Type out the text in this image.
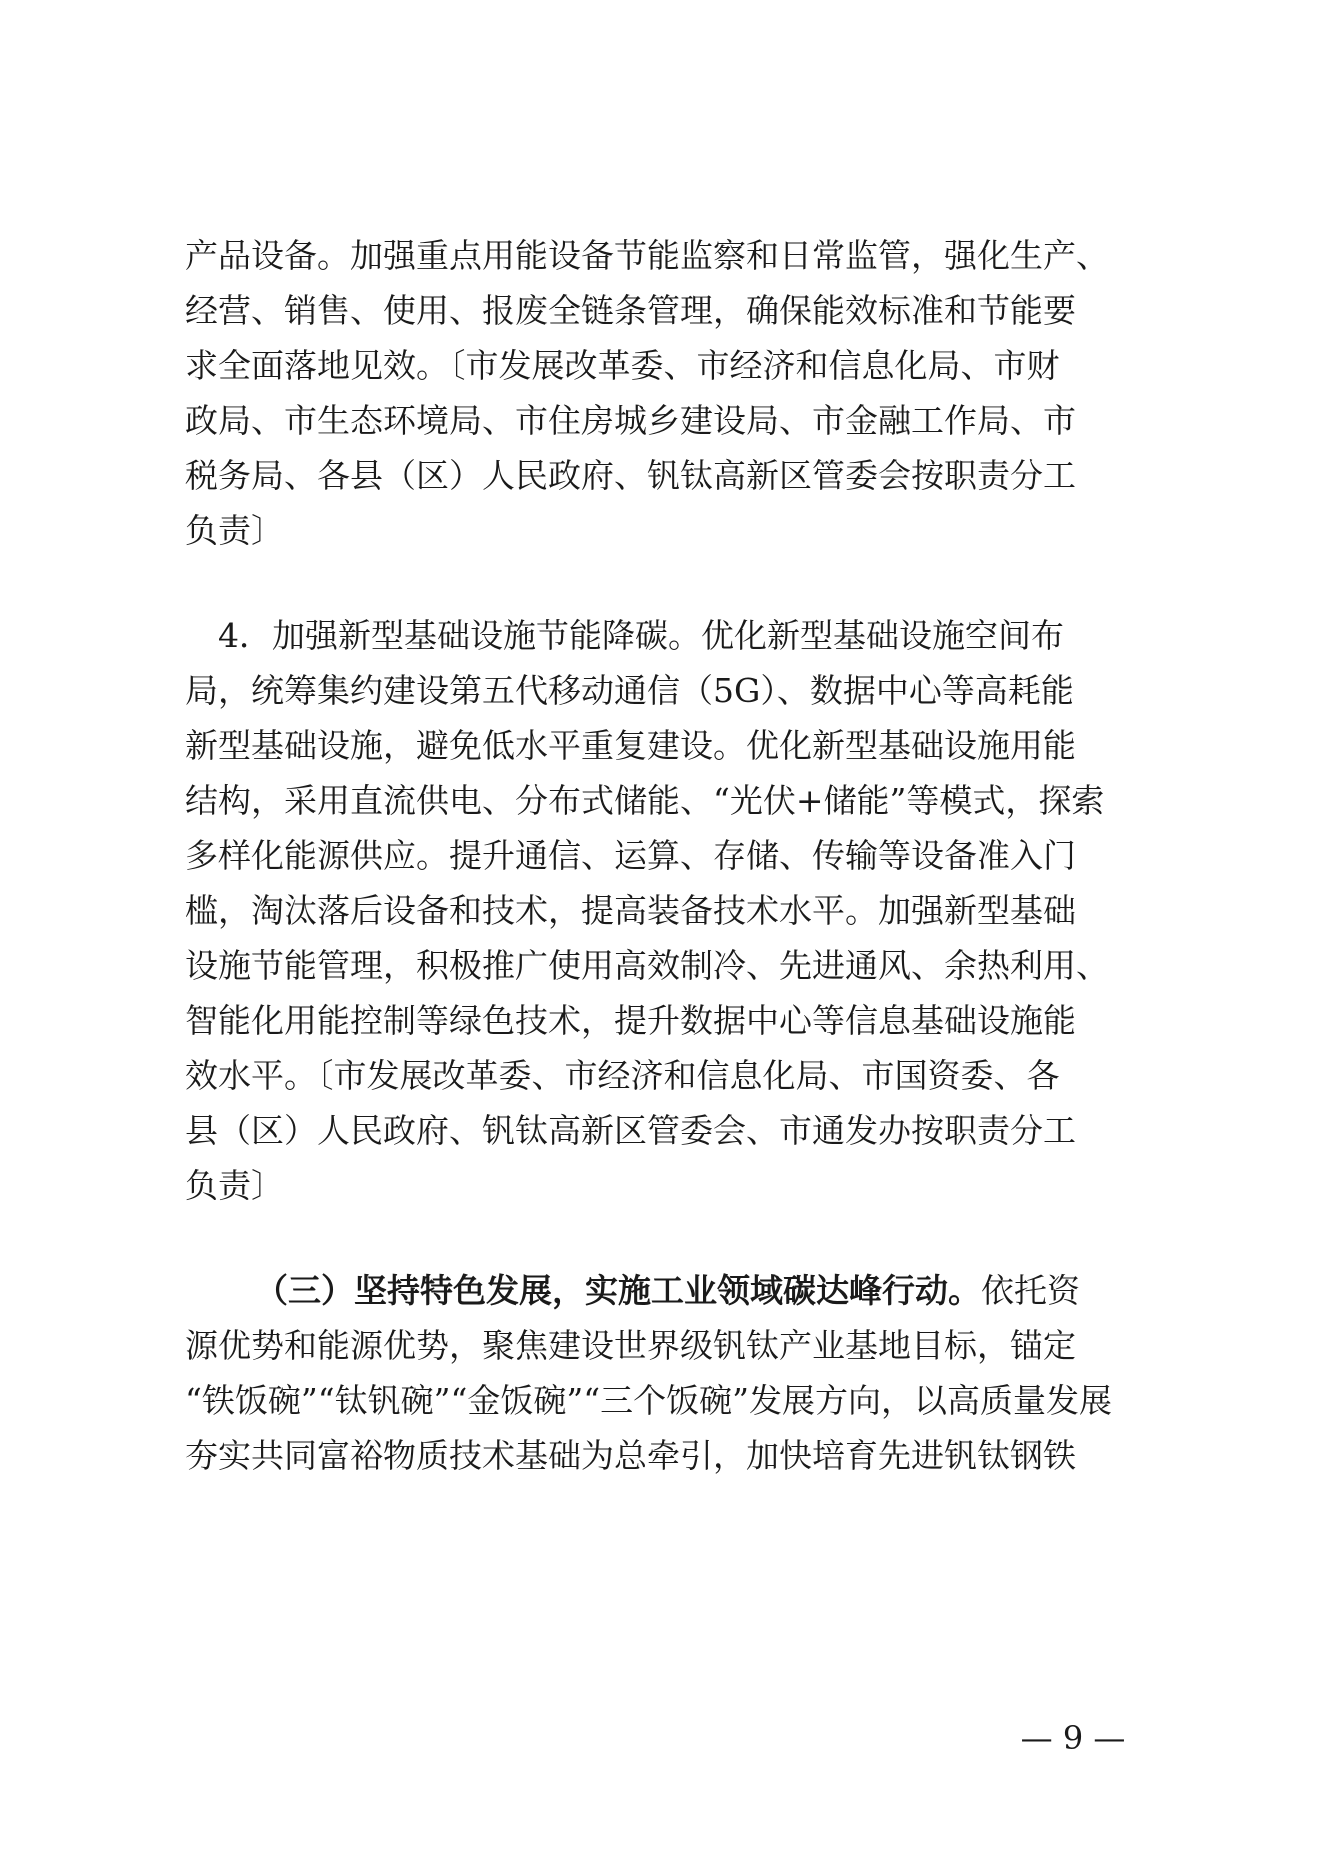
产品设备。加强重点用能设备节能监察和日常监管，强化生产、
经营、销售、使用、报废全链条管理，确保能效标准和节能要
求全面落地见效。〔市发展改革委、市经济和信息化局、市财
政局、市生态环境局、市住房城乡建设局、市金融工作局、市
税务局、各县（区）人民政府、钒钛高新区管委会按职责分工
负责〕
　4．加强新型基础设施节能降碳。优化新型基础设施空间布
局，统筹集约建设第五代移动通信（5G）、数据中心等高耗能
新型基础设施，避免低水平重复建设。优化新型基础设施用能
结构，采用直流供电、分布式储能、“光伏+储能”等模式，探索
多样化能源供应。提升通信、运算、存储、传输等设备准入门
槛，淘汰落后设备和技术，提高装备技术水平。加强新型基础
设施节能管理，积极推广使用高效制冷、先进通风、余热利用、
智能化用能控制等绿色技术，提升数据中心等信息基础设施能
效水平。〔市发展改革委、市经济和信息化局、市国资委、各
县（区）人民政府、钒钛高新区管委会、市通发办按职责分工
负责〕
（三）坚持特色发展，实施工业领域碳达峰行动。依托资
源优势和能源优势，聚焦建设世界级钒钛产业基地目标，锚定
“铁饭碗”“钛钒碗”“金饭碗”“三个饭碗”发展方向，以高质量发展
夯实共同富裕物质技术基础为总牵引，加快培育先进钒钛钢铁
— 9 —
